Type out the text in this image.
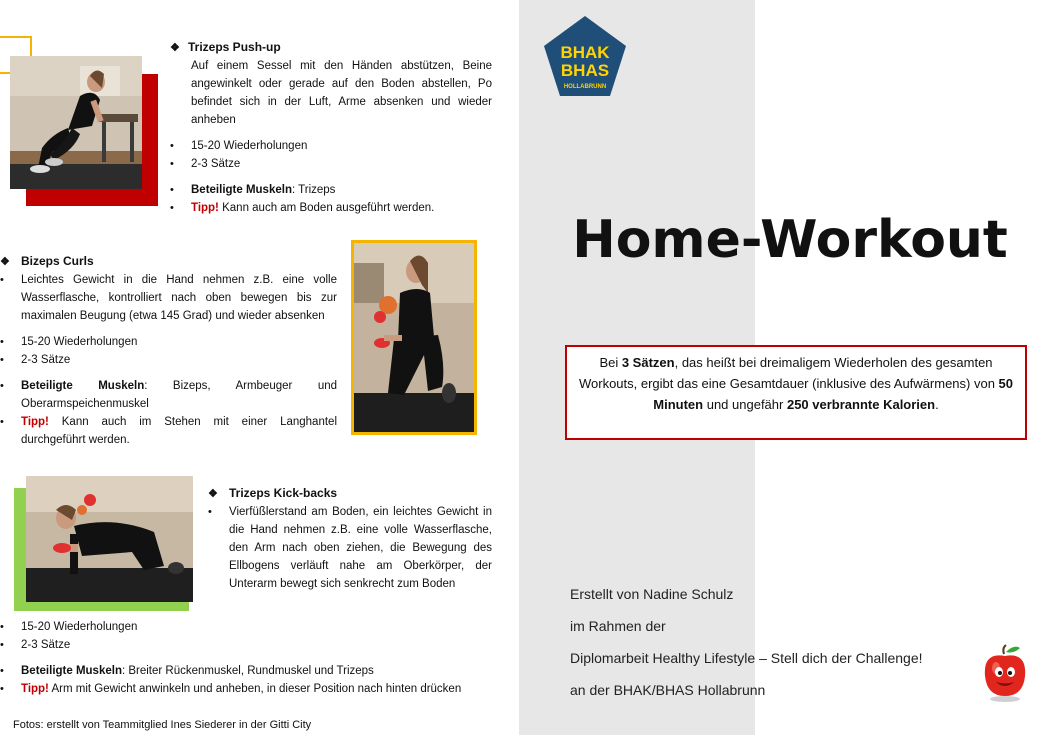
❖ Trizeps Push-up
Auf einem Sessel mit den Händen abstützen, Beine angewinkelt oder gerade auf den Boden abstellen, Po befindet sich in der Luft, Arme absenken und wieder anheben
• 15-20 Wiederholungen
• 2-3 Sätze
• Beteiligte Muskeln: Trizeps
• Tipp! Kann auch am Boden ausgeführt werden.
❖ Bizeps Curls
• Leichtes Gewicht in die Hand nehmen z.B. eine volle Wasserflasche, kontrolliert nach oben bewegen bis zur maximalen Beugung (etwa 145 Grad) und wieder absenken
• 15-20 Wiederholungen
• 2-3 Sätze
• Beteiligte Muskeln: Bizeps, Armbeuger und Oberarmspeichenmuskel
• Tipp! Kann auch im Stehen mit einer Langhantel durchgeführt werden.
❖ Trizeps Kick-backs
• Vierfüßlerstand am Boden, ein leichtes Gewicht in die Hand nehmen z.B. eine volle Wasserflasche, den Arm nach oben ziehen, die Bewegung des Ellbogens verläuft nahe am Oberkörper, der Unterarm bewegt sich senkrecht zum Boden
• 15-20 Wiederholungen
• 2-3 Sätze
• Beteiligte Muskeln: Breiter Rückenmuskel, Rundmuskel und Trizeps
• Tipp! Arm mit Gewicht anwinkeln und anheben, in dieser Position nach hinten drücken
Fotos: erstellt von Teammitglied Ines Siederer in der Gitti City
BHAK
BHAS
HOLLABRUNN
Home-Workout
Bei 3 Sätzen, das heißt bei dreimaligem Wiederholen des gesamten Workouts, ergibt das eine Gesamtdauer (inklusive des Aufwärmens) von 50 Minuten und ungefähr 250 verbrannte Kalorien.
Erstellt von Nadine Schulz
im Rahmen der
Diplomarbeit Healthy Lifestyle – Stell dich der Challenge!
an der BHAK/BHAS Hollabrunn
